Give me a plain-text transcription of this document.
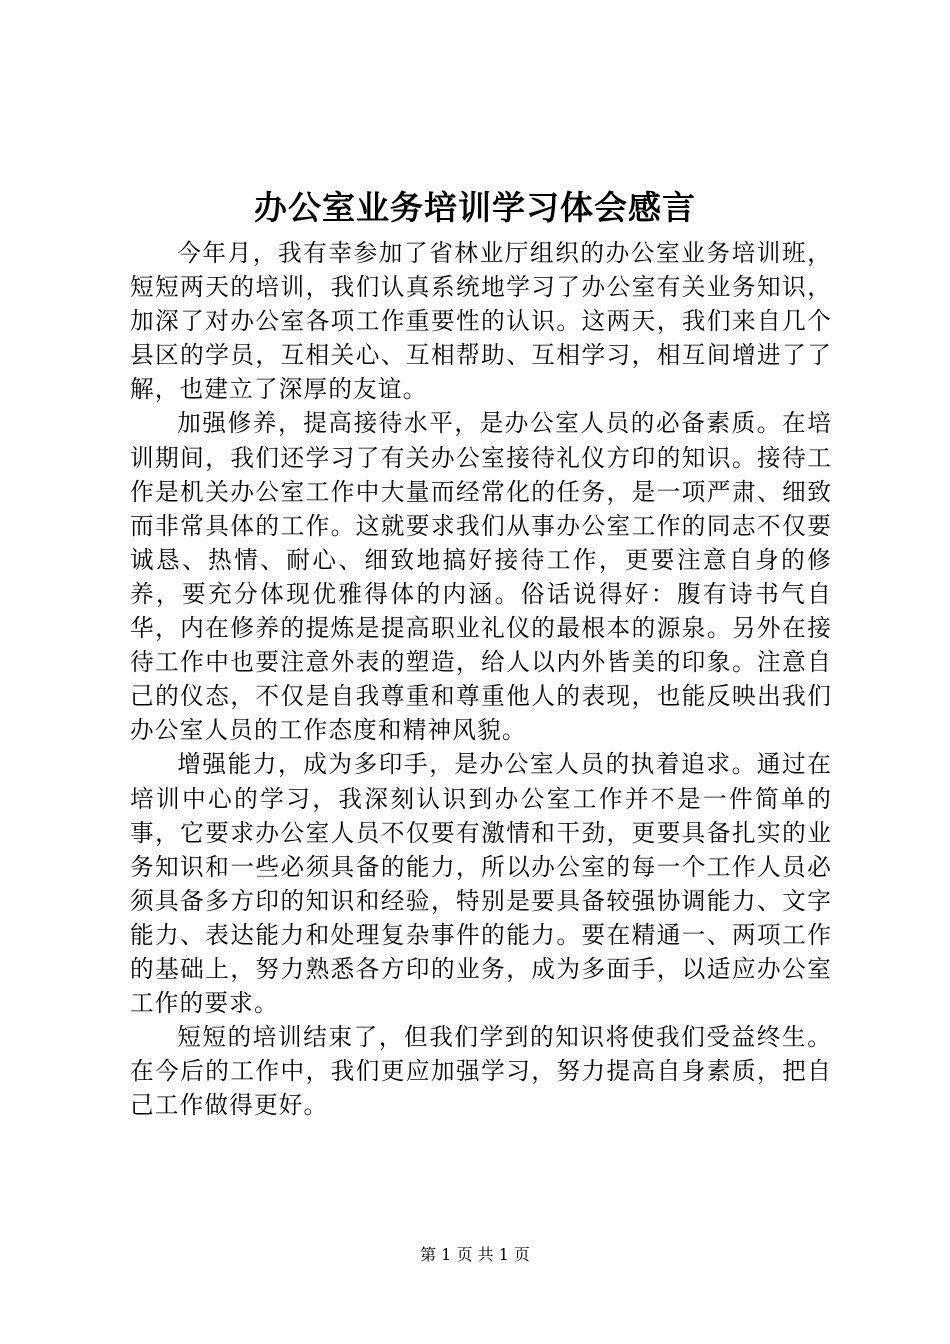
办公室业务培训学习体会感言

今年月，我有幸参加了省林业厅组织的办公室业务培训班，短短两天的培训，我们认真系统地学习了办公室有关业务知识，加深了对办公室各项工作重要性的认识。这两天，我们来自几个县区的学员，互相关心、互相帮助、互相学习，相互间增进了了解，也建立了深厚的友谊。

加强修养，提高接待水平，是办公室人员的必备素质。在培训期间，我们还学习了有关办公室接待礼仪方印的知识。接待工作是机关办公室工作中大量而经常化的任务，是一项严肃、细致而非常具体的工作。这就要求我们从事办公室工作的同志不仅要诚恳、热情、耐心、细致地搞好接待工作，更要注意自身的修养，要充分体现优雅得体的内涵。俗话说得好：腹有诗书气自华，内在修养的提炼是提高职业礼仪的最根本的源泉。另外在接待工作中也要注意外表的塑造，给人以内外皆美的印象。注意自己的仪态，不仅是自我尊重和尊重他人的表现，也能反映出我们办公室人员的工作态度和精神风貌。

增强能力，成为多印手，是办公室人员的执着追求。通过在培训中心的学习，我深刻认识到办公室工作并不是一件简单的事，它要求办公室人员不仅要有激情和干劲，更要具备扎实的业务知识和一些必须具备的能力，所以办公室的每一个工作人员必须具备多方印的知识和经验，特别是要具备较强协调能力、文字能力、表达能力和处理复杂事件的能力。要在精通一、两项工作的基础上，努力熟悉各方印的业务，成为多面手，以适应办公室工作的要求。

短短的培训结束了，但我们学到的知识将使我们受益终生。在今后的工作中，我们更应加强学习，努力提高自身素质，把自己工作做得更好。

第 1 页 共 1 页
